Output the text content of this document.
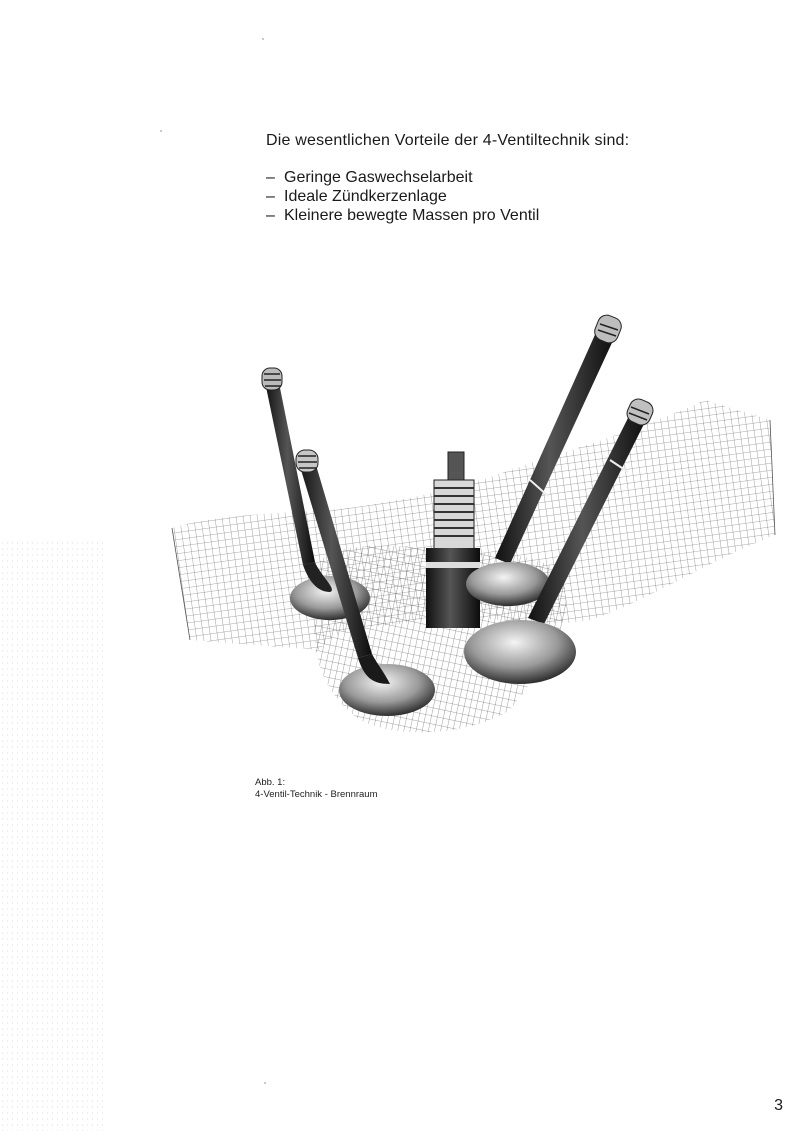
Die wesentlichen Vorteile der 4-Ventiltechnik sind:
– Geringe Gaswechselarbeit
– Ideale Zündkerzenlage
– Kleinere bewegte Massen pro Ventil
Abb. 1:
4-Ventil-Technik - Brennraum
3
